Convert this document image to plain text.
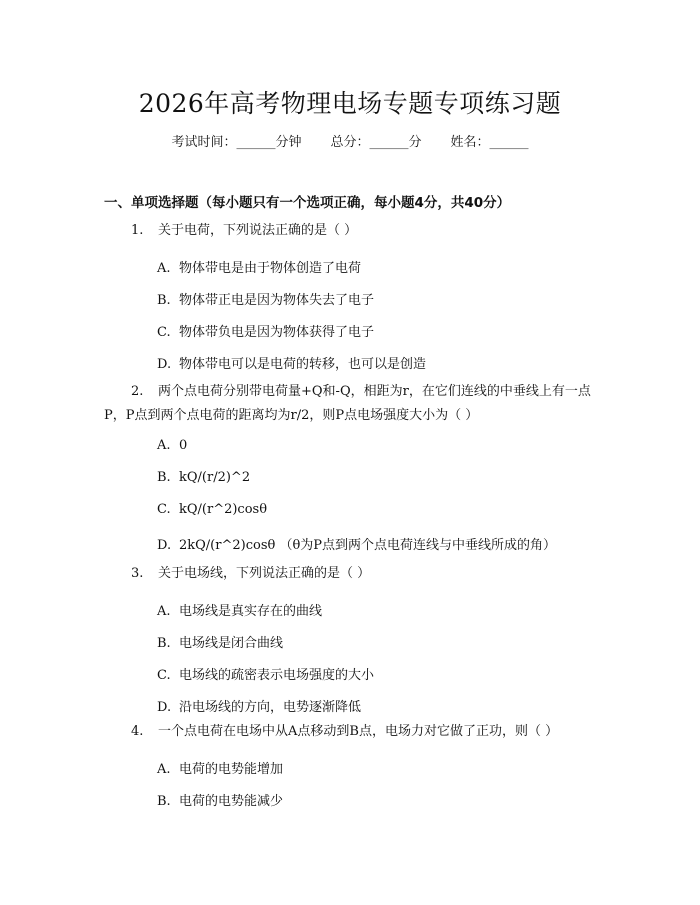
2026年高考物理电场专题专项练习题
考试时间：______分钟 总分：______分 姓名：______
一、单项选择题（每小题只有一个选项正确，每小题4分，共40分）
1. 关于电荷，下列说法正确的是（ ）
A. 物体带电是由于物体创造了电荷
B. 物体带正电是因为物体失去了电子
C. 物体带负电是因为物体获得了电子
D. 物体带电可以是电荷的转移，也可以是创造
2. 两个点电荷分别带电荷量+Q和-Q，相距为r，在它们连线的中垂线上有一点P，P点到两个点电荷的距离均为r/2，则P点电场强度大小为（ ）
A. 0
B. kQ/(r/2)^2
C. kQ/(r^2)cosθ
D. 2kQ/(r^2)cosθ （θ为P点到两个点电荷连线与中垂线所成的角）
3. 关于电场线，下列说法正确的是（ ）
A. 电场线是真实存在的曲线
B. 电场线是闭合曲线
C. 电场线的疏密表示电场强度的大小
D. 沿电场线的方向，电势逐渐降低
4. 一个点电荷在电场中从A点移动到B点，电场力对它做了正功，则（ ）
A. 电荷的电势能增加
B. 电荷的电势能减少
